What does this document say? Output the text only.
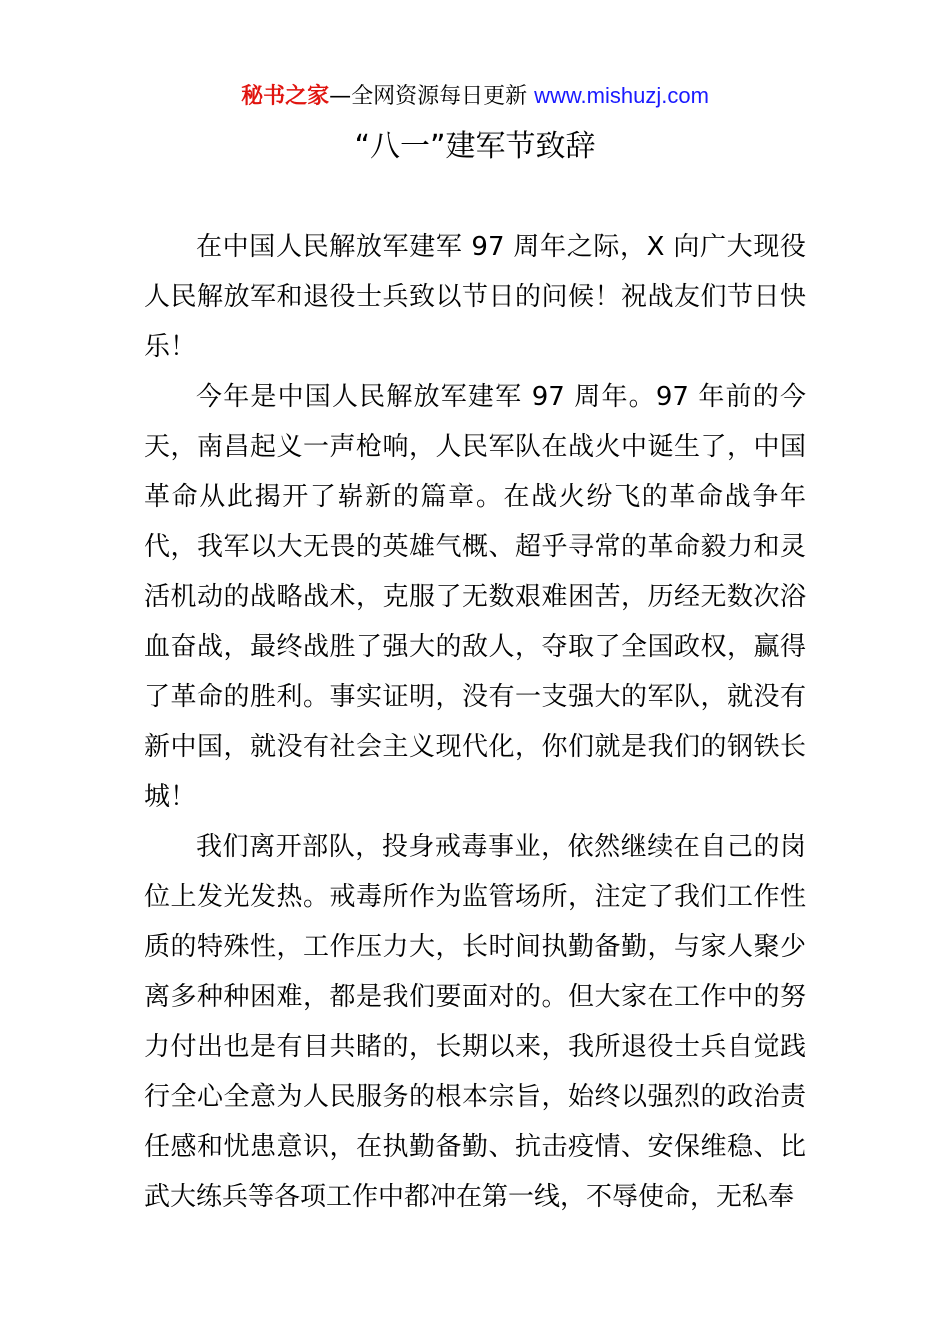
秘书之家—全网资源每日更新 www.mishuzj.com
“八一”建军节致辞

在中国人民解放军建军 97 周年之际，X 向广大现役人民解放军和退役士兵致以节日的问候！祝战友们节日快乐！

今年是中国人民解放军建军 97 周年。97 年前的今天，南昌起义一声枪响，人民军队在战火中诞生了，中国革命从此揭开了崭新的篇章。在战火纷飞的革命战争年代，我军以大无畏的英雄气概、超乎寻常的革命毅力和灵活机动的战略战术，克服了无数艰难困苦，历经无数次浴血奋战，最终战胜了强大的敌人，夺取了全国政权，赢得了革命的胜利。事实证明，没有一支强大的军队，就没有新中国，就没有社会主义现代化，你们就是我们的钢铁长城！

我们离开部队，投身戒毒事业，依然继续在自己的岗位上发光发热。戒毒所作为监管场所，注定了我们工作性质的特殊性，工作压力大，长时间执勤备勤，与家人聚少离多种种困难，都是我们要面对的。但大家在工作中的努力付出也是有目共睹的，长期以来，我所退役士兵自觉践行全心全意为人民服务的根本宗旨，始终以强烈的政治责任感和忧患意识，在执勤备勤、抗击疫情、安保维稳、比武大练兵等各项工作中都冲在第一线，不辱使命，无私奉
